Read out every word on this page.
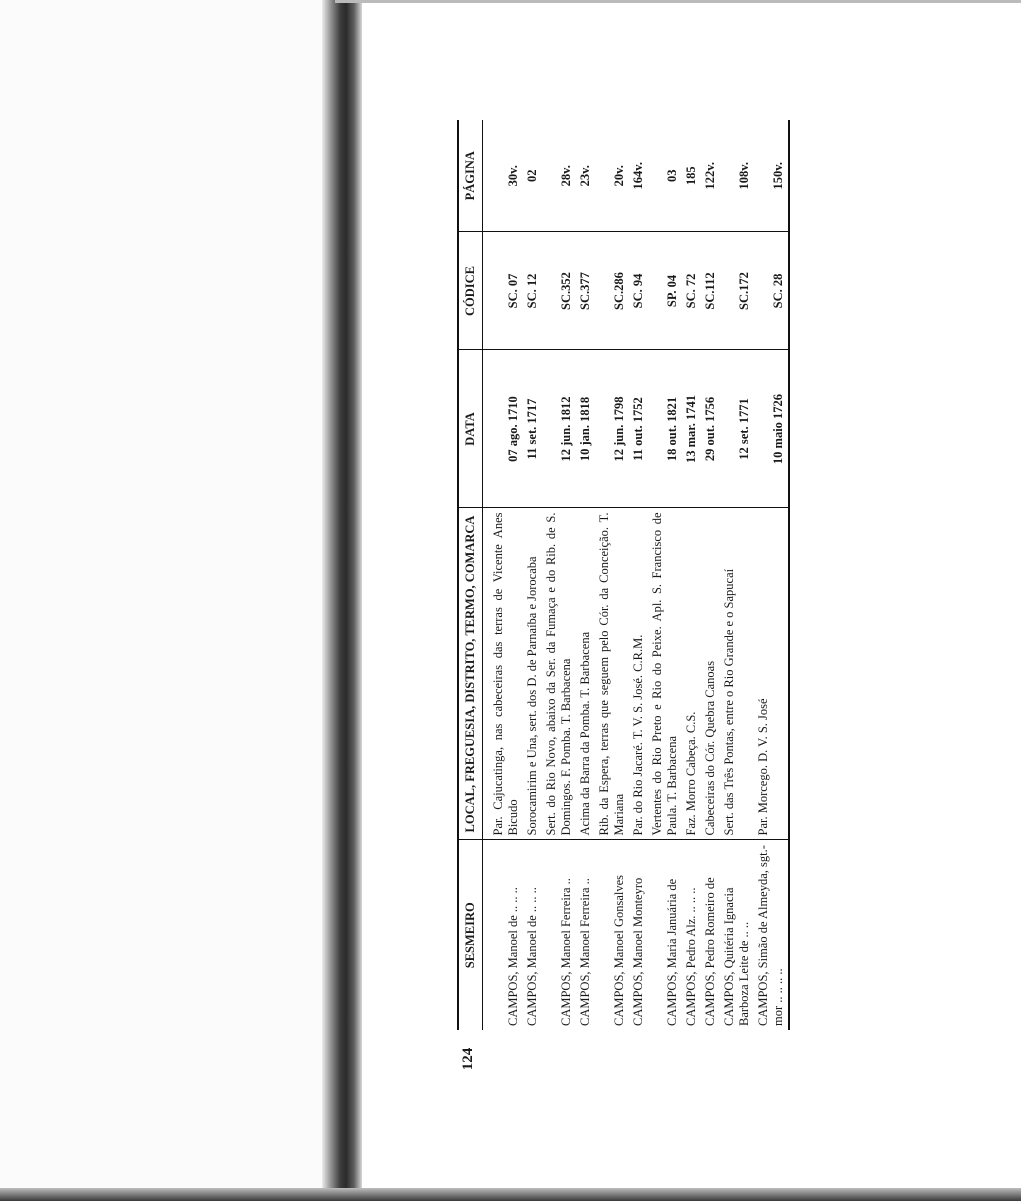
124
SESMEIRO	LOCAL, FREGUESIA, DISTRITO, TERMO, COMARCA	DATA	CÓDICE	PÁGINA

CAMPOS, Manoel de .. .. ..	Par. Cajucatinga, nas cabeceiras das terras de Vicente Anes Bicudo	07 ago. 1710	SC. 07	30v.
CAMPOS, Manoel de .. .. ..	Sorocamirim e Una, sert. dos D. de Parnaíba e Jorocaba	11 set. 1717	SC. 12	02
CAMPOS, Manoel Ferreira ..	Sert. do Rio Novo, abaixo da Ser. da Fumaça e do Rib. de S. Domingos. F. Pomba. T. Barbacena	12 jun. 1812	SC.352	28v.
CAMPOS, Manoel Ferreira ..	Acima da Barra da Pomba. T. Barbacena	10 jan. 1818	SC.377	23v.
CAMPOS, Manoel Gonsalves	Rib. da Espera, terras que seguem pelo Cór. da Conceição. T. Mariana	12 jun. 1798	SC.286	20v.
CAMPOS, Manoel Monteyro	Par. do Rio Jacaré. T. V. S. José. C.R.M.	11 out. 1752	SC. 94	164v.
CAMPOS, Maria Januária de	Vertentes do Rio Preto e Rio do Peixe. Apl. S. Francisco de Paula. T. Barbacena	18 out. 1821	SP. 04	03
CAMPOS, Pedro Alz. .. .. ..	Faz. Morro Cabeça. C.S.	13 mar. 1741	SC. 72	185
CAMPOS, Pedro Romeiro de	Cabeceiras do Cór. Quebra Canoas	29 out. 1756	SC.112	122v.
CAMPOS, Quitéria Ignacia Barboza Leite de .. ..	Sert. das Três Pontas, entre o Rio Grande e o Sapucaí	12 set. 1771	SC.172	108v.
CAMPOS, Simão de Almeyda, sgt.-mor .. .. .. ..	Par. Morcego. D. V. S. José	10 maio 1726	SC. 28	150v.
